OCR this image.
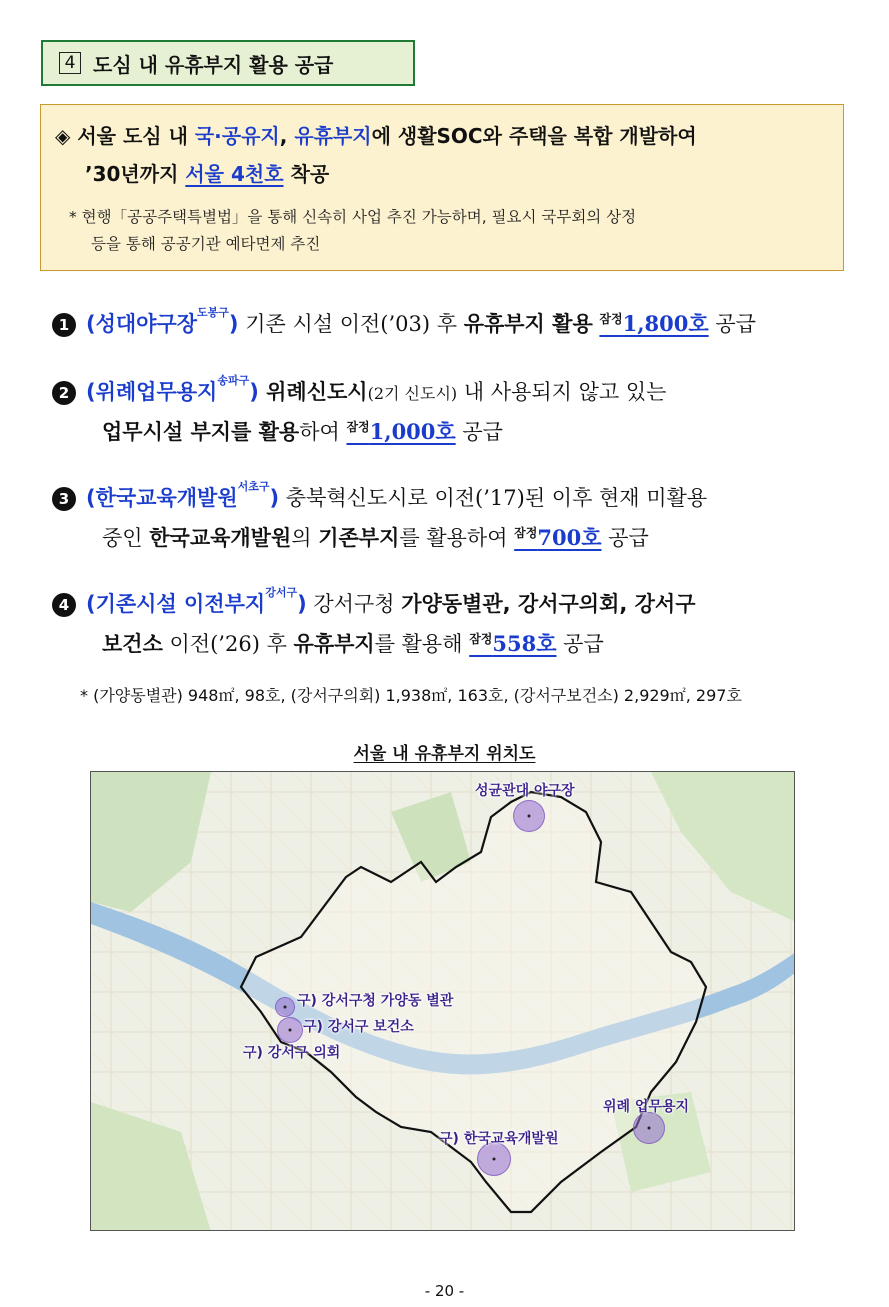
4 도심 내 유휴부지 활용 공급
◈ 서울 도심 내 국·공유지, 유휴부지에 생활SOC와 주택을 복합 개발하여
’30년까지 서울 4천호 착공
* 현행「공공주택특별법」을 통해 신속히 사업 추진 가능하며, 필요시 국무회의 상정
등을 통해 공공기관 예타면제 추진
1 (성대야구장$^{도봉구}$) 기존 시설 이전(’03) 후 유휴부지 활용 $^{잠정}$1,800호 공급
2 (위례업무용지$^{송파구}$) 위례신도시(2기 신도시) 내 사용되지 않고 있는
업무시설 부지를 활용하여 $^{잠정}$1,000호 공급
3 (한국교육개발원$^{서초구}$) 충북혁신도시로 이전(’17)된 이후 현재 미활용
중인 한국교육개발원의 기존부지를 활용하여 $^{잠정}$700호 공급
4 (기존시설 이전부지$^{강서구}$) 강서구청 가양동별관, 강서구의회, 강서구
보건소 이전(’26) 후 유휴부지를 활용해 $^{잠정}$558호 공급
* (가양동별관) 948㎡, 98호, (강서구의회) 1,938㎡, 163호, (강서구보건소) 2,929㎡, 297호
서울 내 유휴부지 위치도
성균관대 야구장
구) 강서구청 가양동 별관
구) 강서구 보건소
구) 강서구 의회
위례 업무용지
구) 한국교육개발원
- 20 -
